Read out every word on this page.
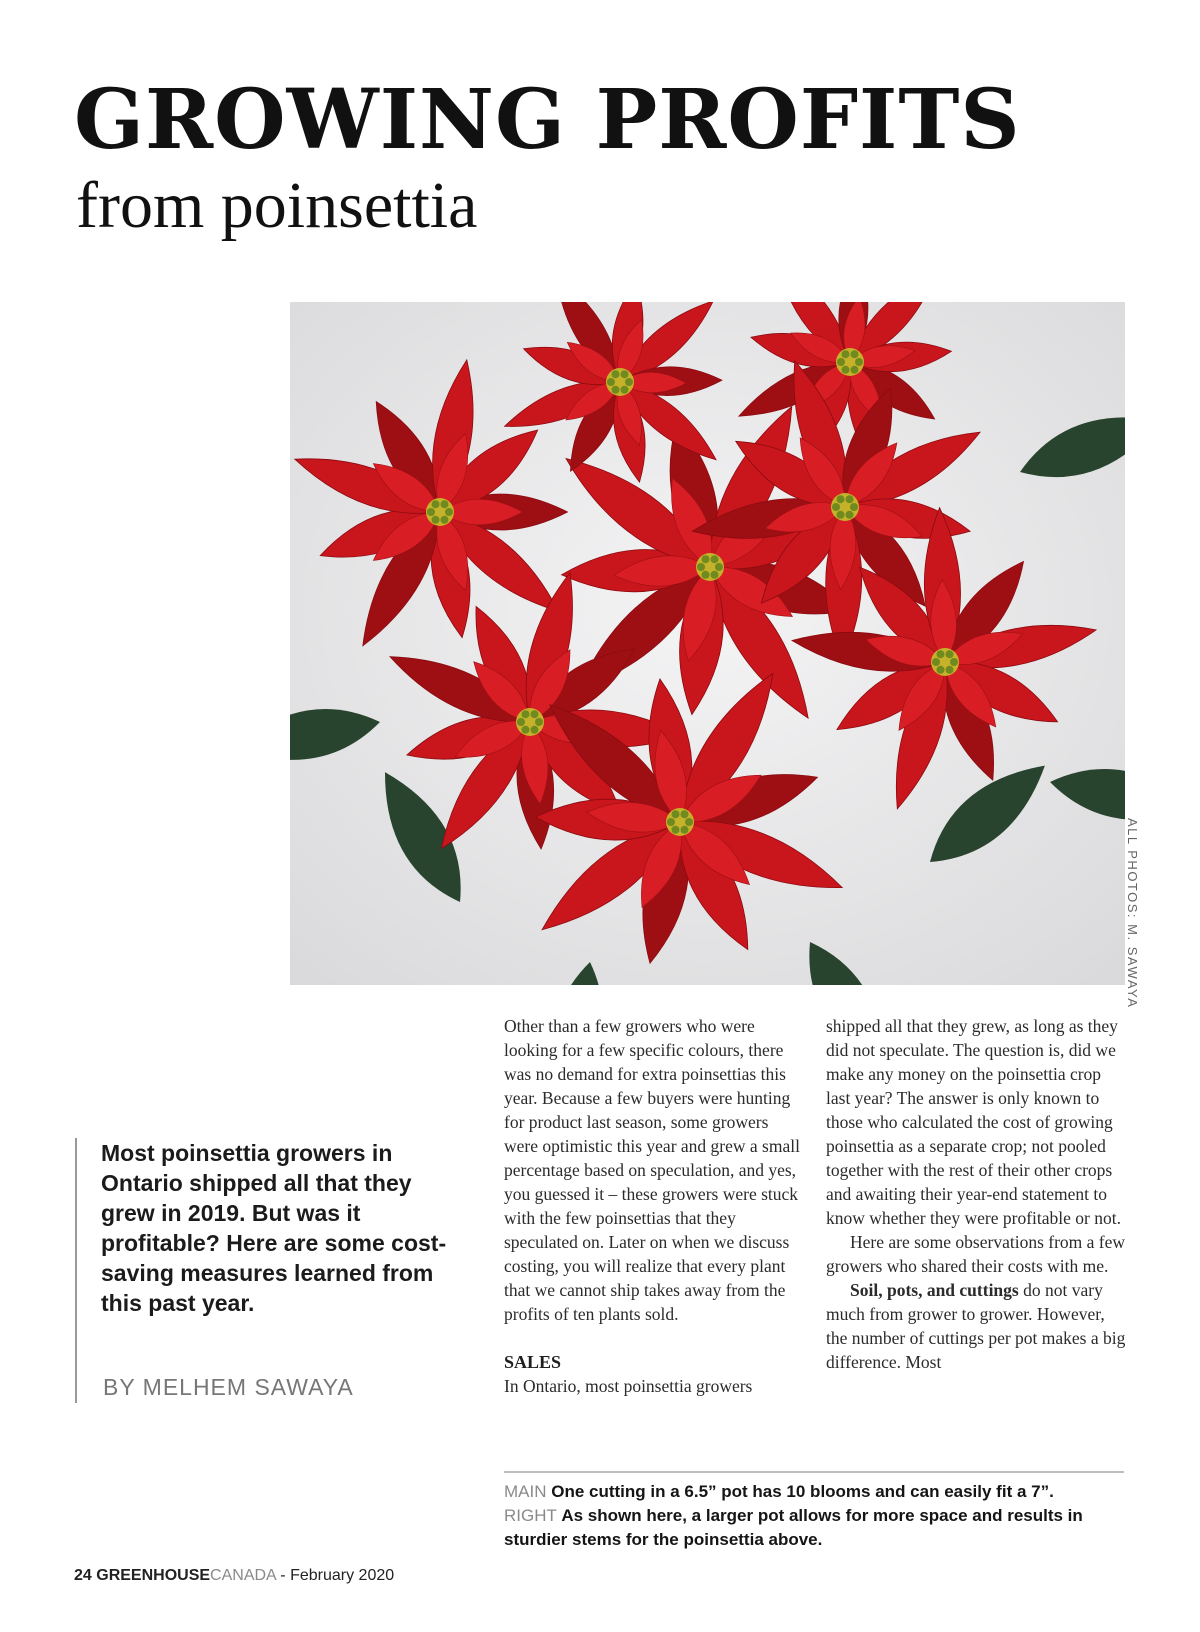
GROWING PROFITS
from poinsettia
ALL PHOTOS: M. SAWAYA

Most poinsettia growers in Ontario shipped all that they grew in 2019. But was it profitable? Here are some cost-saving measures learned from this past year.

BY MELHEM SAWAYA

Other than a few growers who were looking for a few specific colours, there was no demand for extra poinsettias this year. Because a few buyers were hunting for product last season, some growers were optimistic this year and grew a small percentage based on speculation, and yes, you guessed it – these growers were stuck with the few poinsettias that they speculated on. Later on when we discuss costing, you will realize that every plant that we cannot ship takes away from the profits of ten plants sold.

SALES

In Ontario, most poinsettia growers

shipped all that they grew, as long as they did not speculate. The question is, did we make any money on the poinsettia crop last year? The answer is only known to those who calculated the cost of growing poinsettia as a separate crop; not pooled together with the rest of their other crops and awaiting their year-end statement to know whether they were profitable or not.

Here are some observations from a few growers who shared their costs with me.

Soil, pots, and cuttings do not vary much from grower to grower. However, the number of cuttings per pot makes a big difference. Most

MAIN One cutting in a 6.5” pot has 10 blooms and can easily fit a 7”.

RIGHT As shown here, a larger pot allows for more space and results in sturdier stems for the poinsettia above.

24 GREENHOUSECANADA - February 2020
